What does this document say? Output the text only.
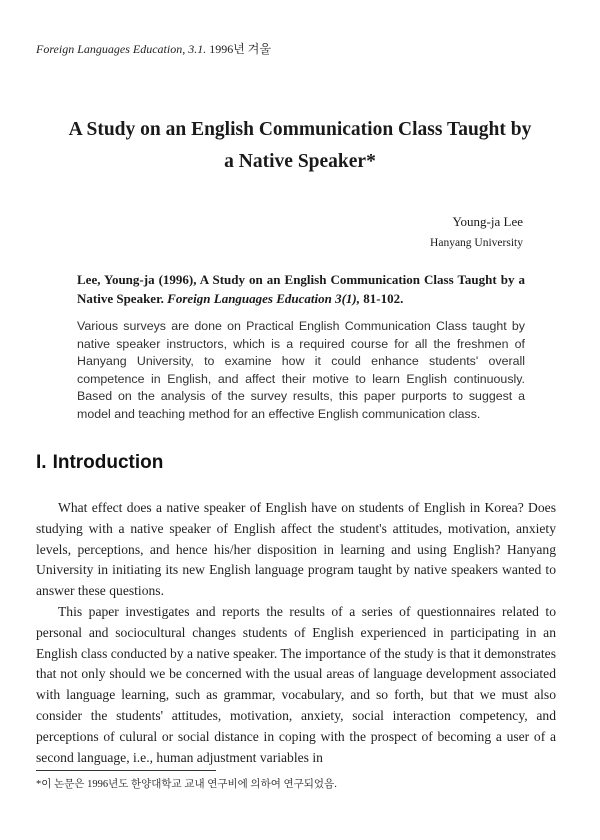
Foreign Languages Education, 3.1. 1996년 겨울
A Study on an English Communication Class Taught by
a Native Speaker*
Young-ja Lee
Hanyang University
Lee, Young-ja (1996), A Study on an English Communication Class Taught by a Native Speaker. Foreign Languages Education 3(1), 81-102.
Various surveys are done on Practical English Communication Class taught by native speaker instructors, which is a required course for all the freshmen of Hanyang University, to examine how it could enhance students' overall competence in English, and affect their motive to learn English continuously. Based on the analysis of the survey results, this paper purports to suggest a model and teaching method for an effective English communication class.
I. Introduction

What effect does a native speaker of English have on students of English in Korea? Does studying with a native speaker of English affect the student's attitudes, motivation, anxiety levels, perceptions, and hence his/her disposition in learning and using English? Hanyang University in initiating its new English language program taught by native speakers wanted to answer these questions.

This paper investigates and reports the results of a series of questionnaires related to personal and sociocultural changes students of English experienced in participating in an English class conducted by a native speaker. The importance of the study is that it demonstrates that not only should we be concerned with the usual areas of language development associated with language learning, such as grammar, vocabulary, and so forth, but that we must also consider the students' attitudes, motivation, anxiety, social interaction competency, and perceptions of culural or social distance in coping with the prospect of becoming a user of a second language, i.e., human adjustment variables in

*이 논문은 1996년도 한양대학교 교내 연구비에 의하여 연구되었음.
